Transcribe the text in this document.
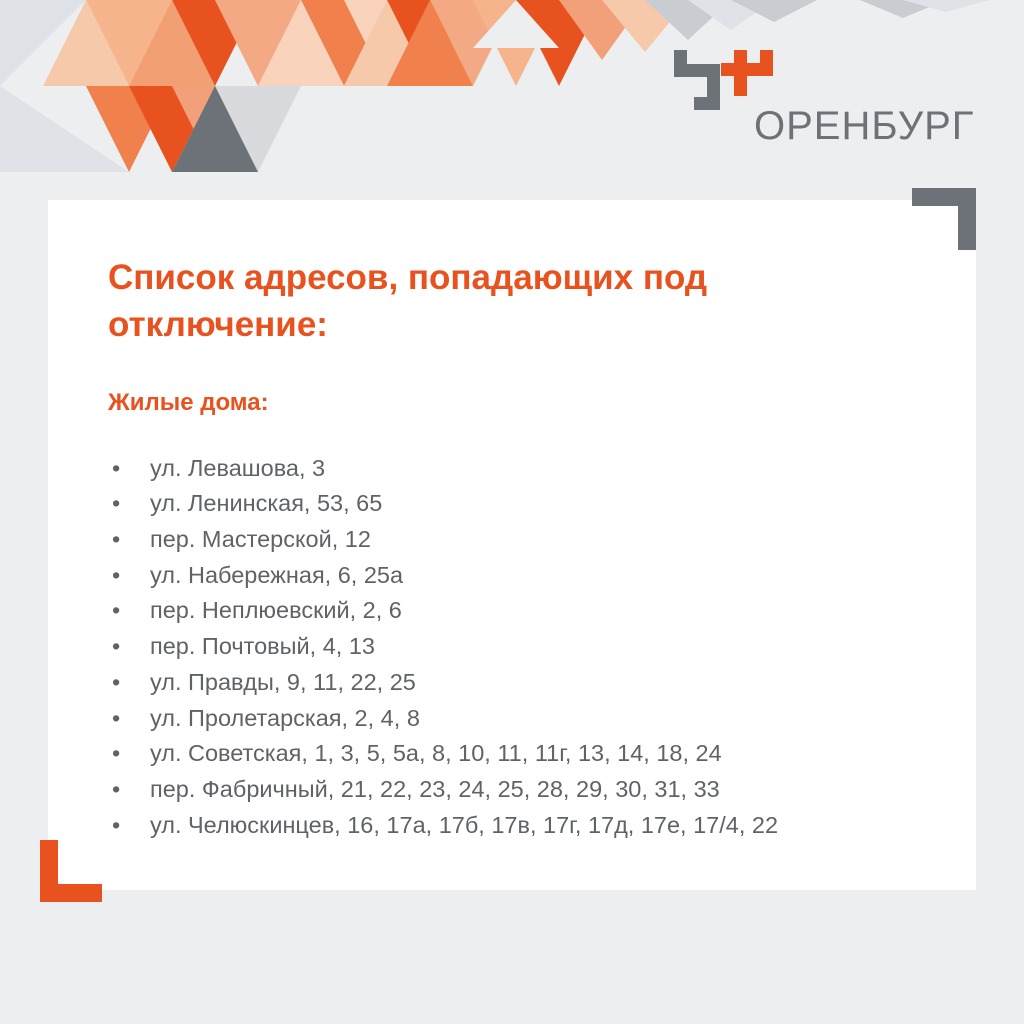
ОРЕНБУРГ
Список адресов, попадающих под отключение:
Жилые дома:
• ул. Левашова, 3
• ул. Ленинская, 53, 65
• пер. Мастерской, 12
• ул. Набережная, 6, 25а
• пер. Неплюевский, 2, 6
• пер. Почтовый, 4, 13
• ул. Правды, 9, 11, 22, 25
• ул. Пролетарская, 2, 4, 8
• ул. Советская, 1, 3, 5, 5а, 8, 10, 11, 11г, 13, 14, 18, 24
• пер. Фабричный, 21, 22, 23, 24, 25, 28, 29, 30, 31, 33
• ул. Челюскинцев, 16, 17а, 17б, 17в, 17г, 17д, 17е, 17/4, 22
